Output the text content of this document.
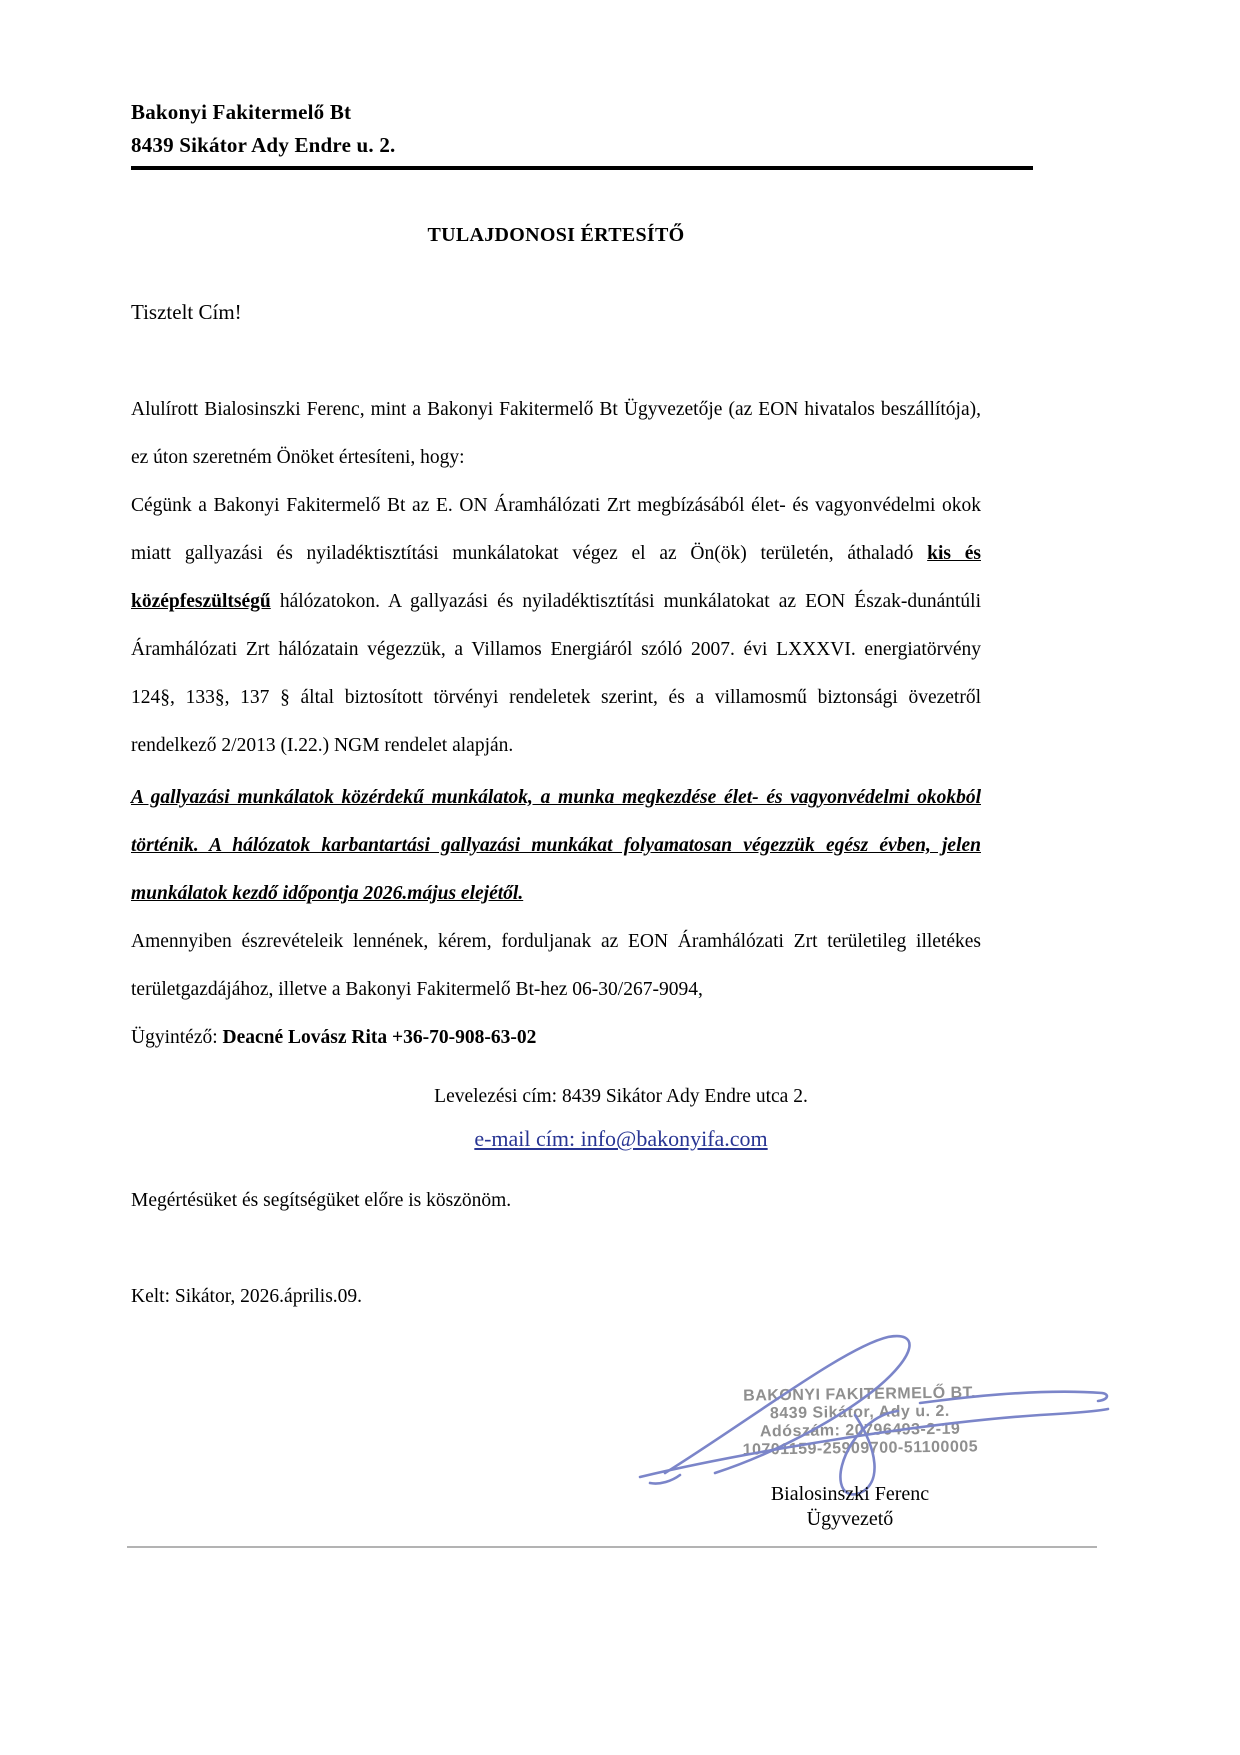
Bakonyi Fakitermelő Bt
8439 Sikátor Ady Endre u. 2.
TULAJDONOSI ÉRTESÍTŐ
Tisztelt Cím!

Alulírott Bialosinszki Ferenc, mint a Bakonyi Fakitermelő Bt Ügyvezetője (az EON hivatalos beszállítója), ez úton szeretném Önöket értesíteni, hogy:

Cégünk a Bakonyi Fakitermelő Bt az E. ON Áramhálózati Zrt megbízásából élet- és vagyonvédelmi okok miatt gallyazási és nyiladéktisztítási munkálatokat végez el az Ön(ök) területén, áthaladó kis és középfeszültségű hálózatokon. A gallyazási és nyiladéktisztítási munkálatokat az EON Észak-dunántúli Áramhálózati Zrt hálózatain végezzük, a Villamos Energiáról szóló 2007. évi LXXXVI. energiatörvény 124§, 133§, 137 § által biztosított törvényi rendeletek szerint, és a villamosmű biztonsági övezetről rendelkező 2/2013 (I.22.) NGM rendelet alapján.

A gallyazási munkálatok közérdekű munkálatok, a munka megkezdése élet- és vagyonvédelmi okokból történik. A hálózatok karbantartási gallyazási munkákat folyamatosan végezzük egész évben, jelen munkálatok kezdő időpontja 2026.május elejétől.

Amennyiben észrevételeik lennének, kérem, forduljanak az EON Áramhálózati Zrt területileg illetékes területgazdájához, illetve a Bakonyi Fakitermelő Bt-hez 06-30/267-9094,

Ügyintéző: Deacné Lovász Rita +36-70-908-63-02

Levelezési cím: 8439 Sikátor Ady Endre utca 2.
e-mail cím: info@bakonyifa.com
Megértésüket és segítségüket előre is köszönöm.
Kelt: Sikátor, 2026.április.09.
BAKONYI FAKITERMELŐ BT.
8439 Sikátor, Ady u. 2.
Adószám: 20796493-2-19
10701159-25909700-51100005
Bialosinszki Ferenc
Ügyvezető
